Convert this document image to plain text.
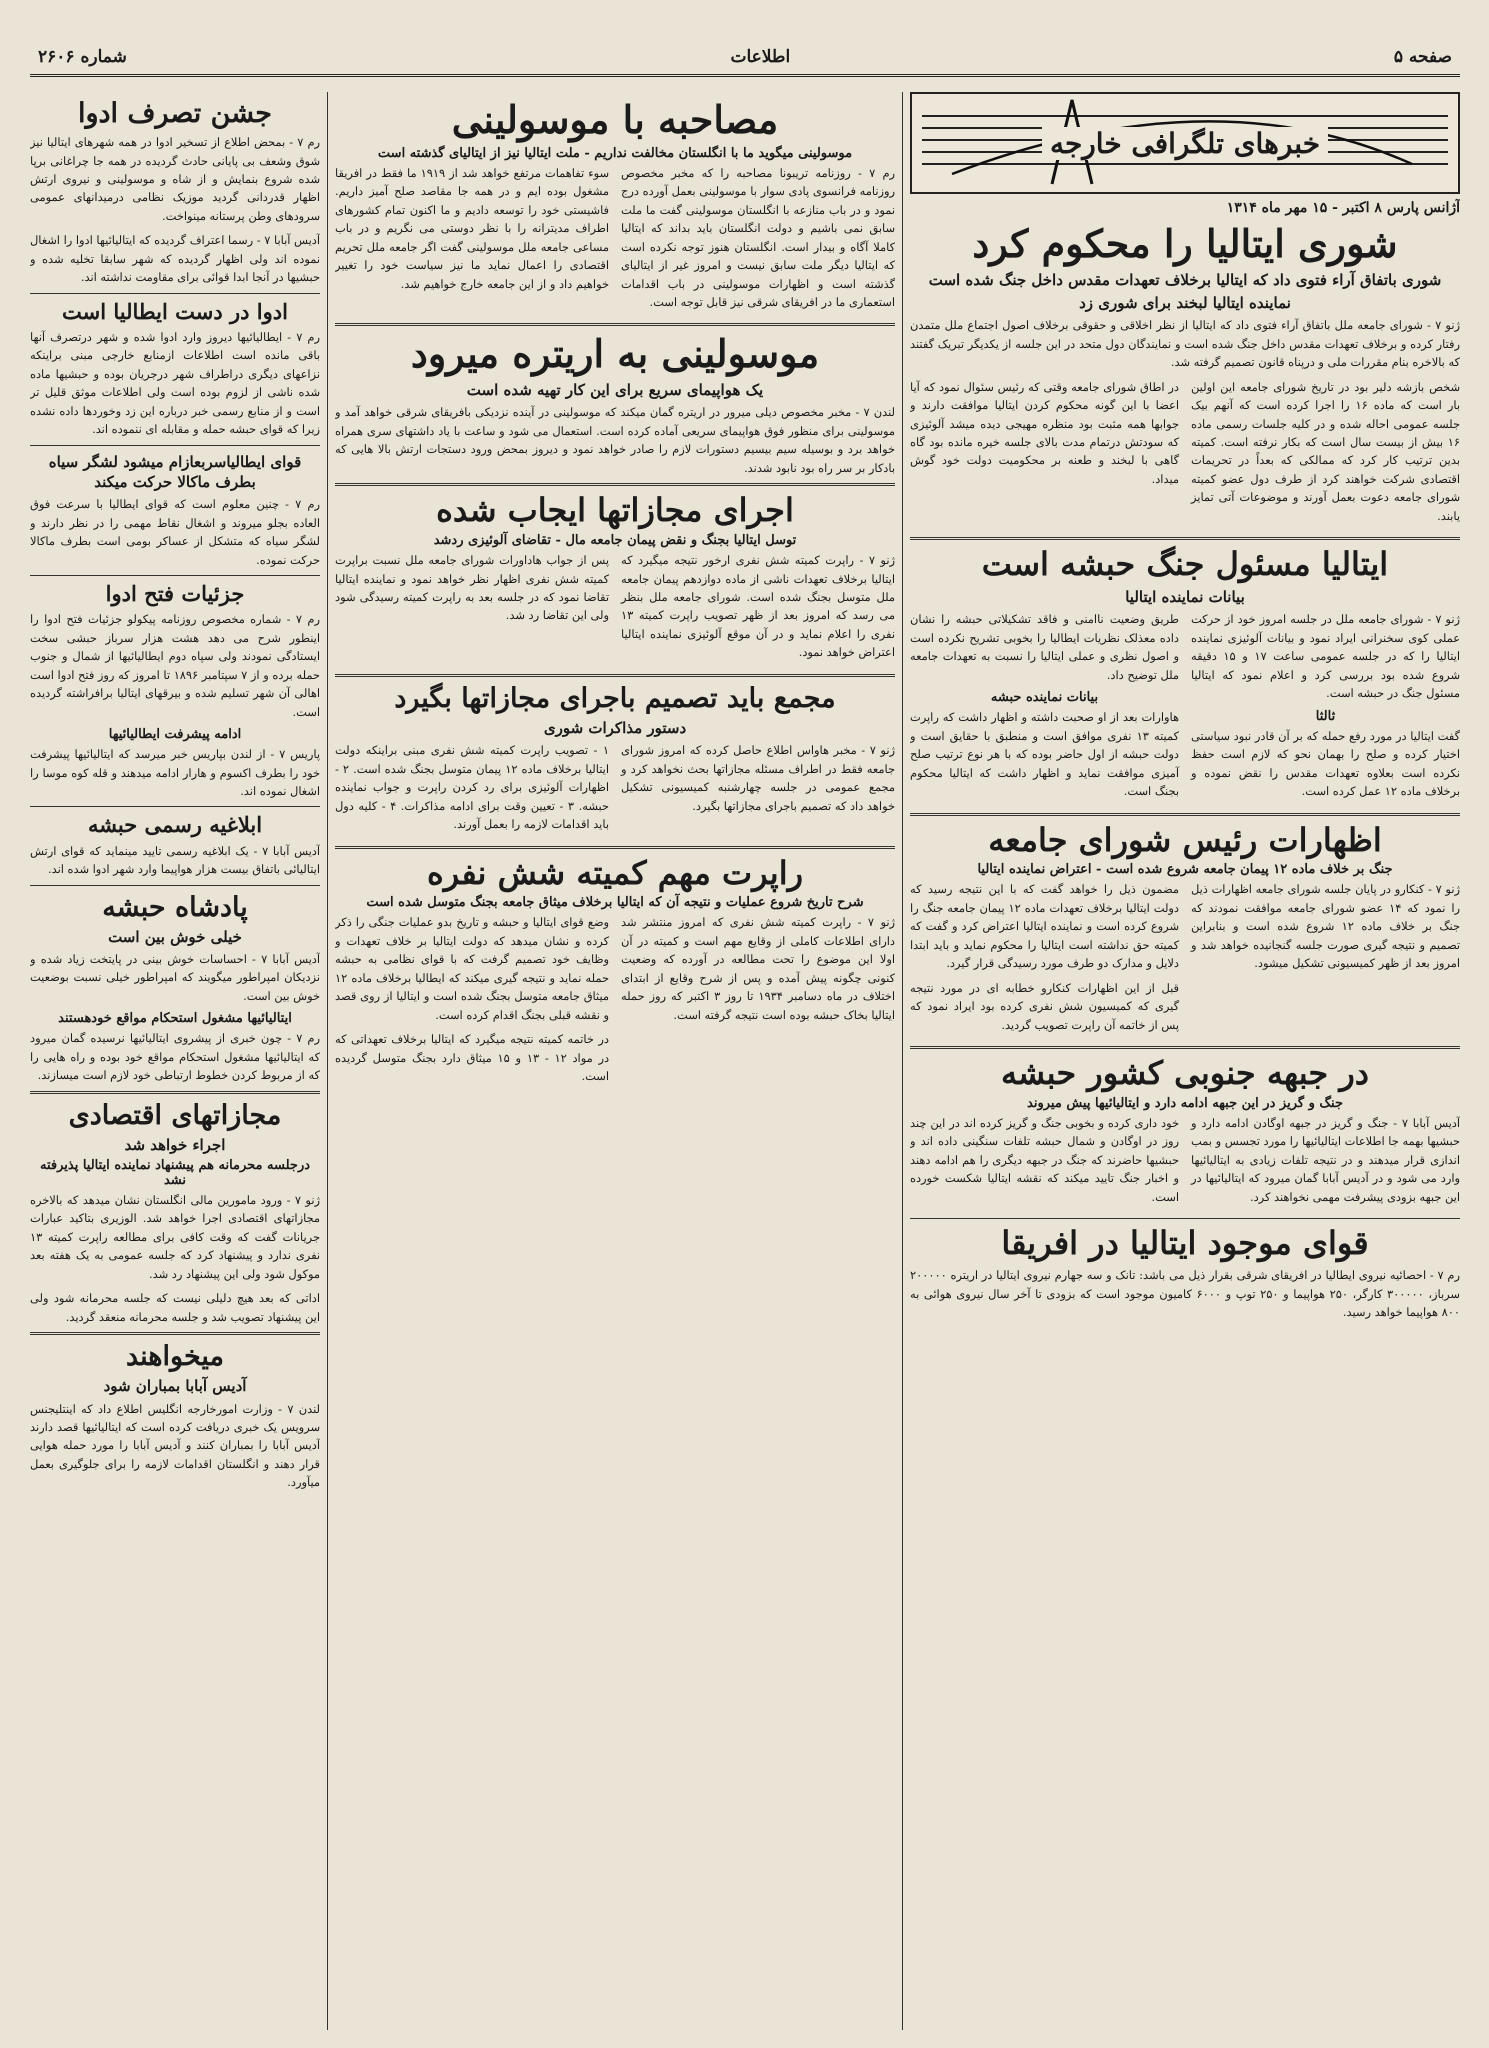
صفحه ۵
اطلاعات
شماره ۲۶۰۶
خبرهای تلگرافی خارجه
آژانس پارس ۸ اکتبر - ۱۵ مهر ماه ۱۳۱۴
شوری ایتالیا را محکوم کرد
شوری باتفاق آراء فتوی داد که ایتالیا برخلاف تعهدات مقدس داخل جنگ شده است
نماینده ایتالیا لبخند برای شوری زد
ژنو ۷ - شورای جامعه ملل باتفاق آراء فتوی داد که ایتالیا از نظر اخلاقی و حقوقی برخلاف اصول اجتماع ملل متمدن رفتار کرده و برخلاف تعهدات مقدس داخل جنگ شده است و نمایندگان دول متحد در این جلسه از یکدیگر تبریک گفتند که بالاخره بنام مقررات ملی و درپناه قانون تصمیم گرفته شد.
شخص بازشه دلیر بود در تاریخ شورای جامعه این اولین بار است که ماده ۱۶ را اجرا کرده است که آنهم بیک جلسه عمومی احاله شده و در کلیه جلسات رسمی ماده ۱۶ بیش از بیست سال است که بکار نرفته است. کمیته بدین ترتیب کار کرد که ممالکی که بعداً در تحریمات اقتصادی شرکت خواهند کرد از طرف دول عضو کمیته شورای جامعه دعوت بعمل آورند و موضوعات آتی تمایز یابند.
در اطاق شورای جامعه وقتی که رئیس سئوال نمود که آیا اعضا با این گونه محکوم کردن ایتالیا موافقت دارند و جوابها همه مثبت بود منظره مهیجی دیده میشد آلوئیزی که سودتش درتمام مدت بالای جلسه خیره مانده بود گاه گاهی با لبخند و طعنه بر محکومیت دولت خود گوش میداد.
ایتالیا مسئول جنگ حبشه است
بیانات نماینده ایتالیا
ژنو ۷ - شورای جامعه ملل در جلسه امروز خود از حرکت عملی کوی سخنرانی ایراد نمود و بیانات آلوئیزی نماینده ایتالیا را که در جلسه عمومی ساعت ۱۷ و ۱۵ دقیقه شروع شده بود بررسی کرد و اعلام نمود که ایتالیا مسئول جنگ در حبشه است.
ثالثا
گفت ایتالیا در مورد رفع حمله که بر آن قادر نبود سیاستی اختیار کرده و صلح را بهمان نحو که لازم است حفظ نکرده است بعلاوه تعهدات مقدس را نقض نموده و برخلاف ماده ۱۲ عمل کرده است.
طریق وضعیت ناامنی و فاقد تشکیلاتی حبشه را نشان داده معذلک نظریات ایطالیا را بخوبی تشریح نکرده است و اصول نظری و عملی ایتالیا را نسبت به تعهدات جامعه ملل توضیح داد.
بیانات نماینده حبشه
هاوارات بعد از او صحبت داشته و اظهار داشت که راپرت کمیته ۱۳ نفری موافق است و منطبق با حقایق است و دولت حبشه از اول حاضر بوده که با هر نوع ترتیب صلح آمیزی موافقت نماید و اظهار داشت که ایتالیا محکوم بجنگ است.
اظهارات رئیس شورای جامعه
جنگ بر خلاف ماده ۱۲ پیمان جامعه شروع شده است - اعتراض نماینده ایتالیا
ژنو ۷ - کنکارو در پایان جلسه شورای جامعه اظهارات ذیل را نمود که ۱۴ عضو شورای جامعه موافقت نمودند که جنگ بر خلاف ماده ۱۲ شروع شده است و بنابراین تصمیم و نتیجه گیری صورت جلسه گنجانیده خواهد شد و امروز بعد از ظهر کمیسیونی تشکیل میشود.
مضمون ذیل را خواهد گفت که با این نتیجه رسید که دولت ایتالیا برخلاف تعهدات ماده ۱۲ پیمان جامعه جنگ را شروع کرده است و نماینده ایتالیا اعتراض کرد و گفت که کمیته حق نداشته است ایتالیا را محکوم نماید و باید ابتدا دلایل و مدارک دو طرف مورد رسیدگی قرار گیرد.
قبل از این اظهارات کنکارو خطابه ای در مورد نتیجه گیری که کمیسیون شش نفری کرده بود ایراد نمود که پس از خاتمه آن راپرت تصویب گردید.
در جبهه جنوبی کشور حبشه
جنگ و گریز در این جبهه ادامه دارد و ایتالیائیها پیش میروند
آدیس آبابا ۷ - جنگ و گریز در جبهه اوگادن ادامه دارد و حبشیها بهمه جا اطلاعات ایتالیائیها را مورد تجسس و بمب اندازی قرار میدهند و در نتیجه تلفات زیادی به ایتالیائیها وارد می شود و در آدیس آبابا گمان میرود که ایتالیائیها در این جبهه بزودی پیشرفت مهمی نخواهند کرد.
خود داری کرده و بخوبی جنگ و گریز کرده اند در این چند روز در اوگادن و شمال حبشه تلفات سنگینی داده اند و حبشیها حاضرند که جنگ در جبهه دیگری را هم ادامه دهند و اخبار جنگ تایید میکند که نقشه ایتالیا شکست خورده است.
قوای موجود ایتالیا در افریقا
رم ۷ - احصائیه نیروی ایطالیا در افریقای شرقی بقرار ذیل می باشد: تانک و سه جهارم نیروی ایتالیا در اریتره ۲۰۰۰۰۰ سرباز، ۳۰۰۰۰۰ کارگر، ۲۵۰ هواپیما و ۲۵۰ توپ و ۶۰۰۰ کامیون موجود است که بزودی تا آخر سال نیروی هوائی به ۸۰۰ هواپیما خواهد رسید.
مصاحبه با موسولینی
موسولینی میگوید ما با انگلستان مخالفت نداریم - ملت ایتالیا نیز از ایتالیای گذشته است
رم ۷ - روزنامه تریبونا مصاحبه را که مخبر مخصوص روزنامه فرانسوی پادی سوار با موسولینی بعمل آورده درج نمود و در باب منازعه با انگلستان موسولینی گفت ما ملت سابق نمی باشیم و دولت انگلستان باید بداند که ایتالیا کاملا آگاه و بیدار است. انگلستان هنوز توجه نکرده است که ایتالیا دیگر ملت سابق نیست و امروز غیر از ایتالیای گذشته است و اظهارات موسولینی در باب اقدامات استعماری ما در افریقای شرقی نیز قابل توجه است.
سوء تفاهمات مرتفع خواهد شد از ۱۹۱۹ ما فقط در افریقا مشغول بوده ایم و در همه جا مقاصد صلح آمیز داریم. فاشیستی خود را توسعه دادیم و ما اکنون تمام کشورهای اطراف مدیترانه را با نظر دوستی می نگریم و در باب مساعی جامعه ملل موسولینی گفت اگر جامعه ملل تحریم اقتصادی را اعمال نماید ما نیز سیاست خود را تغییر خواهیم داد و از این جامعه خارج خواهیم شد.
موسولینی به اریتره میرود
یک هواپیمای سریع برای این کار تهیه شده است
لندن ۷ - مخبر مخصوص دیلی میرور در اریتره گمان میکند که موسولینی در آینده نزدیکی بافریقای شرقی خواهد آمد و موسولینی برای منظور فوق هواپیمای سریعی آماده کرده است. استعمال می شود و ساعت با یاد داشتهای سری همراه خواهد برد و بوسیله سیم بیسیم دستورات لازم را صادر خواهد نمود و دیروز بمحض ورود دستجات ارتش بالا هایی که بادکار بر سر راه بود نابود شدند.
اجرای مجازاتها ایجاب شده
توسل ایتالیا بجنگ و نقض پیمان جامعه مال - تقاضای آلوئیزی ردشد
ژنو ۷ - راپرت کمیته شش نفری ارخور نتیجه میگیرد که ایتالیا برخلاف تعهدات ناشی از ماده دوازدهم پیمان جامعه ملل متوسل بجنگ شده است. شورای جامعه ملل بنظر می رسد که امروز بعد از ظهر تصویب راپرت کمیته ۱۳ نفری را اعلام نماید و در آن موقع آلوئیزی نماینده ایتالیا اعتراض خواهد نمود.
پس از جواب هاداورات شورای جامعه ملل نسبت براپرت کمیته شش نفری اظهار نظر خواهد نمود و نماینده ایتالیا تقاضا نمود که در جلسه بعد به راپرت کمیته رسیدگی شود ولی این تقاضا رد شد.
مجمع باید تصمیم باجرای مجازاتها بگیرد
دستور مذاکرات شوری
ژنو ۷ - مخبر هاواس اطلاع حاصل کرده که امروز شورای جامعه فقط در اطراف مسئله مجازاتها بحث نخواهد کرد و مجمع عمومی در جلسه چهارشنبه کمیسیونی تشکیل خواهد داد که تصمیم باجرای مجازاتها بگیرد.
۱ - تصویب راپرت کمیته شش نفری مبنی براینکه دولت ایتالیا برخلاف ماده ۱۲ پیمان متوسل بجنگ شده است. ۲ - اظهارات آلوئیزی برای رد کردن راپرت و جواب نماینده حبشه. ۳ - تعیین وقت برای ادامه مذاکرات. ۴ - کلیه دول باید اقدامات لازمه را بعمل آورند.
راپرت مهم کمیته شش نفره
شرح تاریخ شروع عملیات و نتیجه آن که ایتالیا برخلاف میثاق جامعه بجنگ متوسل شده است
ژنو ۷ - راپرت کمیته شش نفری که امروز منتشر شد دارای اطلاعات کاملی از وقایع مهم است و کمیته در آن اولا این موضوع را تحت مطالعه در آورده که وضعیت کنونی چگونه پیش آمده و پس از شرح وقایع از ابتدای اختلاف در ماه دسامبر ۱۹۳۴ تا روز ۳ اکتبر که روز حمله ایتالیا بخاک حبشه بوده است نتیجه گرفته است.
وضع قوای ایتالیا و حبشه و تاریخ بدو عملیات جنگی را ذکر کرده و نشان میدهد که دولت ایتالیا بر خلاف تعهدات و وظایف خود تصمیم گرفت که با قوای نظامی به حبشه حمله نماید و نتیجه گیری میکند که ایطالیا برخلاف ماده ۱۲ میثاق جامعه متوسل بجنگ شده است و ایتالیا از روی قصد و نقشه قبلی بجنگ اقدام کرده است.
در خاتمه کمیته نتیجه میگیرد که ایتالیا برخلاف تعهداتی که در مواد ۱۲ - ۱۳ و ۱۵ میثاق دارد بجنگ متوسل گردیده است.
جشن تصرف ادوا
رم ۷ - بمحض اطلاع از تسخیر ادوا در همه شهرهای ایتالیا نیز شوق وشعف بی پایانی حادث گردیده در همه جا چراغانی برپا شده شروع بنمایش و از شاه و موسولینی و نیروی ارتش اظهار قدردانی گردید موزیک نظامی درمیدانهای عمومی سرودهای وطن پرستانه مینواخت.
آدیس آبابا ۷ - رسما اعتراف گردیده که ایتالیائیها ادوا را اشغال نموده اند ولی اظهار گردیده که شهر سابقا تخلیه شده و حبشیها در آنجا ابدا قوائی برای مقاومت نداشته اند.
ادوا در دست ایطالیا است
رم ۷ - ایطالیائیها دیروز وارد ادوا شده و شهر درتصرف آنها باقی مانده است اطلاعات ازمنابع خارجی مبنی براینکه نزاعهای دیگری دراطراف شهر درجریان بوده و حبشیها ماده شده ناشی از لزوم بوده است ولی اطلاعات موثق قلیل تر است و از منابع رسمی خبر درباره این زد وخوردها داده نشده زیرا که قوای حبشه حمله و مقابله ای ننموده اند.
قوای ایطالیاسربعازام میشود لشگر سیاه بطرف ماکالا حرکت میکند
رم ۷ - چنین معلوم است که قوای ایطالیا با سرعت فوق العاده بجلو میروند و اشغال نقاط مهمی را در نظر دارند و لشگر سیاه که متشکل از عساکر بومی است بطرف ماکالا حرکت نموده.
جزئیات فتح ادوا
رم ۷ - شماره مخصوص روزنامه پیکولو جزئیات فتح ادوا را اینطور شرح می دهد هشت هزار سرباز حبشی سخت ایستادگی نمودند ولی سپاه دوم ایطالیائیها از شمال و جنوب حمله برده و از ۷ سپتامبر ۱۸۹۶ تا امروز که روز فتح ادوا است اهالی آن شهر تسلیم شده و بیرقهای ایتالیا برافراشته گردیده است.
ادامه پیشرفت ایطالیائیها
پاریس ۷ - از لندن بپاریس خبر میرسد که ایتالیائیها پیشرفت خود را بطرف اکسوم و هارار ادامه میدهند و قله کوه موسا را اشغال نموده اند.
ابلاغیه رسمی حبشه
آدیس آبابا ۷ - یک ابلاغیه رسمی تایید مینماید که قوای ارتش ایتالیائی باتفاق بیست هزار هواپیما وارد شهر ادوا شده اند.
پادشاه حبشه
خیلی خوش بین است
آدیس آبابا ۷ - احساسات خوش بینی در پایتخت زیاد شده و نزدیکان امپراطور میگویند که امپراطور خیلی نسبت بوضعیت خوش بین است.
ایتالیائیها مشغول استحکام مواقع خودهستند
رم ۷ - چون خبری از پیشروی ایتالیائیها نرسیده گمان میرود که ایتالیائیها مشغول استحکام مواقع خود بوده و راه هایی را که از مربوط کردن خطوط ارتباطی خود لازم است میسازند.
مجازاتهای اقتصادی
اجراء خواهد شد
درجلسه محرمانه هم پیشنهاد نماینده ایتالیا پذیرفته نشد
ژنو ۷ - ورود مامورین مالی انگلستان نشان میدهد که بالاخره مجازاتهای اقتصادی اجرا خواهد شد. الوزیری بتاکید عبارات جریانات گفت که وقت کافی برای مطالعه راپرت کمیته ۱۳ نفری ندارد و پیشنهاد کرد که جلسه عمومی به یک هفته بعد موکول شود ولی این پیشنهاد رد شد.
اداتی که بعد هیچ دلیلی نیست که جلسه محرمانه شود ولی این پیشنهاد تصویب شد و جلسه محرمانه منعقد گردید.
میخواهند
آدیس آبابا بمباران شود
لندن ۷ - وزارت امورخارجه انگلیس اطلاع داد که اینتلیجنس سرویس یک خبری دریافت کرده است که ایتالیائیها قصد دارند آدیس آبابا را بمباران کنند و آدیس آبابا را مورد حمله هوایی قرار دهند و انگلستان اقدامات لازمه را برای جلوگیری بعمل میآورد.
